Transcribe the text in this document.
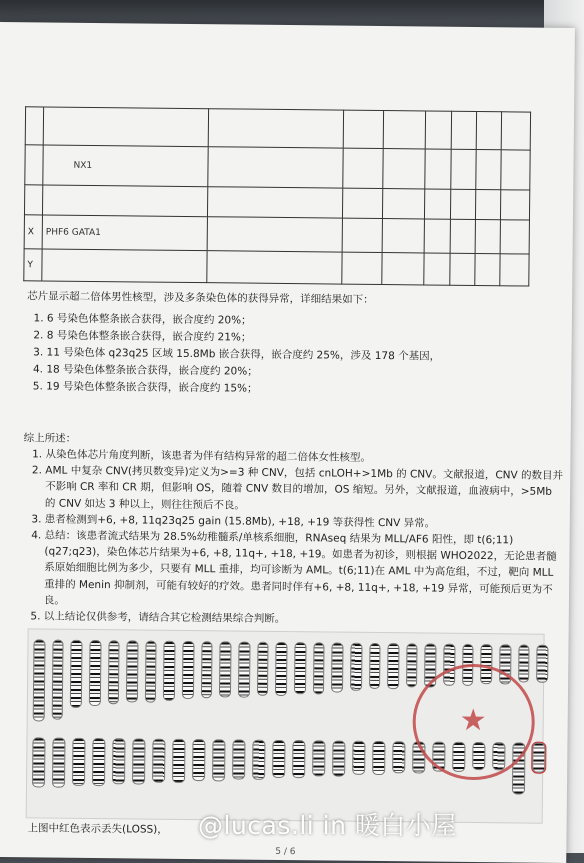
	NX1							

X	PHF6 GATA1							
Y								
芯片显示超二倍体男性核型，涉及多条染色体的获得异常，详细结果如下：
1. 6 号染色体整条嵌合获得，嵌合度约 20%；
2. 8 号染色体整条嵌合获得，嵌合度约 21%；
3. 11 号染色体 q23q25 区域 15.8Mb 嵌合获得，嵌合度约 25%，涉及 178 个基因，
4. 18 号染色体整条嵌合获得，嵌合度约 20%；
5. 19 号染色体整条嵌合获得，嵌合度约 15%；
综上所述：
1. 从染色体芯片角度判断，该患者为伴有结构异常的超二倍体女性核型。
2. AML 中复杂 CNV(拷贝数变异)定义为>=3 种 CNV，包括 cnLOH+>1Mb 的 CNV。文献报道，CNV 的数目并不影响 CR 率和 CR 期，但影响 OS，随着 CNV 数目的增加，OS 缩短。另外，文献报道，血液病中，>5Mb 的 CNV 如达 3 种以上，则往往预后不良。
3. 患者检测到+6, +8, 11q23q25 gain (15.8Mb), +18, +19 等获得性 CNV 异常。
4. 总结：该患者流式结果为 28.5%幼稚髓系/单核系细胞，RNAseq 结果为 MLL/AF6 阳性，即 t(6;11)(q27;q23)，染色体芯片结果为+6, +8, 11q+, +18, +19。如患者为初诊，则根据 WHO2022，无论患者髓系原始细胞比例为多少，只要有 MLL 重排，均可诊断为 AML。t(6;11)在 AML 中为高危组，不过，靶向 MLL 重排的 Menin 抑制剂，可能有较好的疗效。患者同时伴有+6, +8, 11q+, +18, +19 异常，可能预后更为不良。
5. 以上结论仅供参考，请结合其它检测结果综合判断。
★
上图中红色表示丢失(LOSS)，
5 / 6
@lucas.li in 暖白小屋
